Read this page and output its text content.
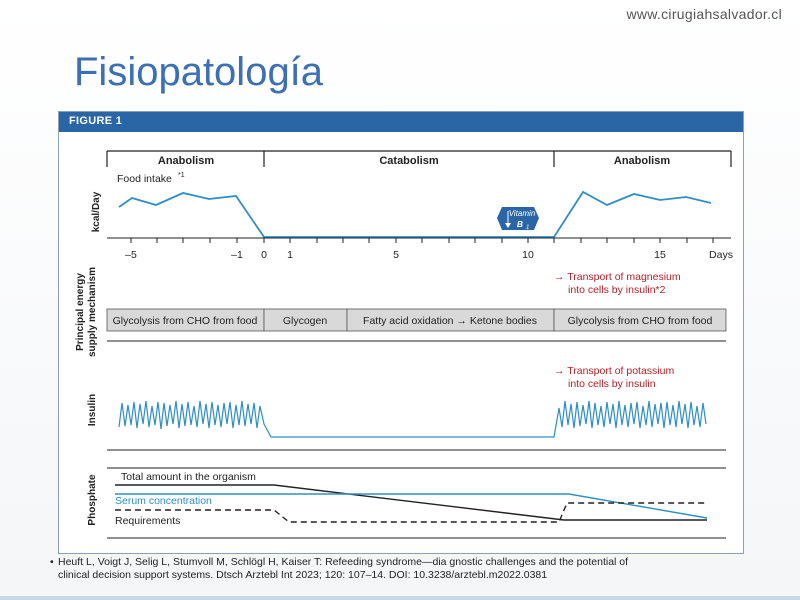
www.cirugiahsalvador.cl
Fisiopatología
FIGURE 1
Anabolism	Catabolism	Anabolism
kcal/Day
Principal energy supply mechanism
Insulin
Phosphate
Food intake *1
Vitamin
B 1
–5	–1 0 1	5	10	15	Days
→ Transport of magnesium
into cells by insulin*2
Glycolysis from CHO from food Glycogen	Fatty acid oxidation → Ketone bodies	Glycolysis from CHO from food
→ Transport of potassium
into cells by insulin
Total amount in the organism
Serum concentration
Requirements
• Heuft L, Voigt J, Selig L, Stumvoll M, Schlögl H, Kaiser T: Refeeding syndrome—dia gnostic challenges and the potential of
clinical decision support systems. Dtsch Arztebl Int 2023; 120: 107–14. DOI: 10.3238/arztebl.m2022.0381
